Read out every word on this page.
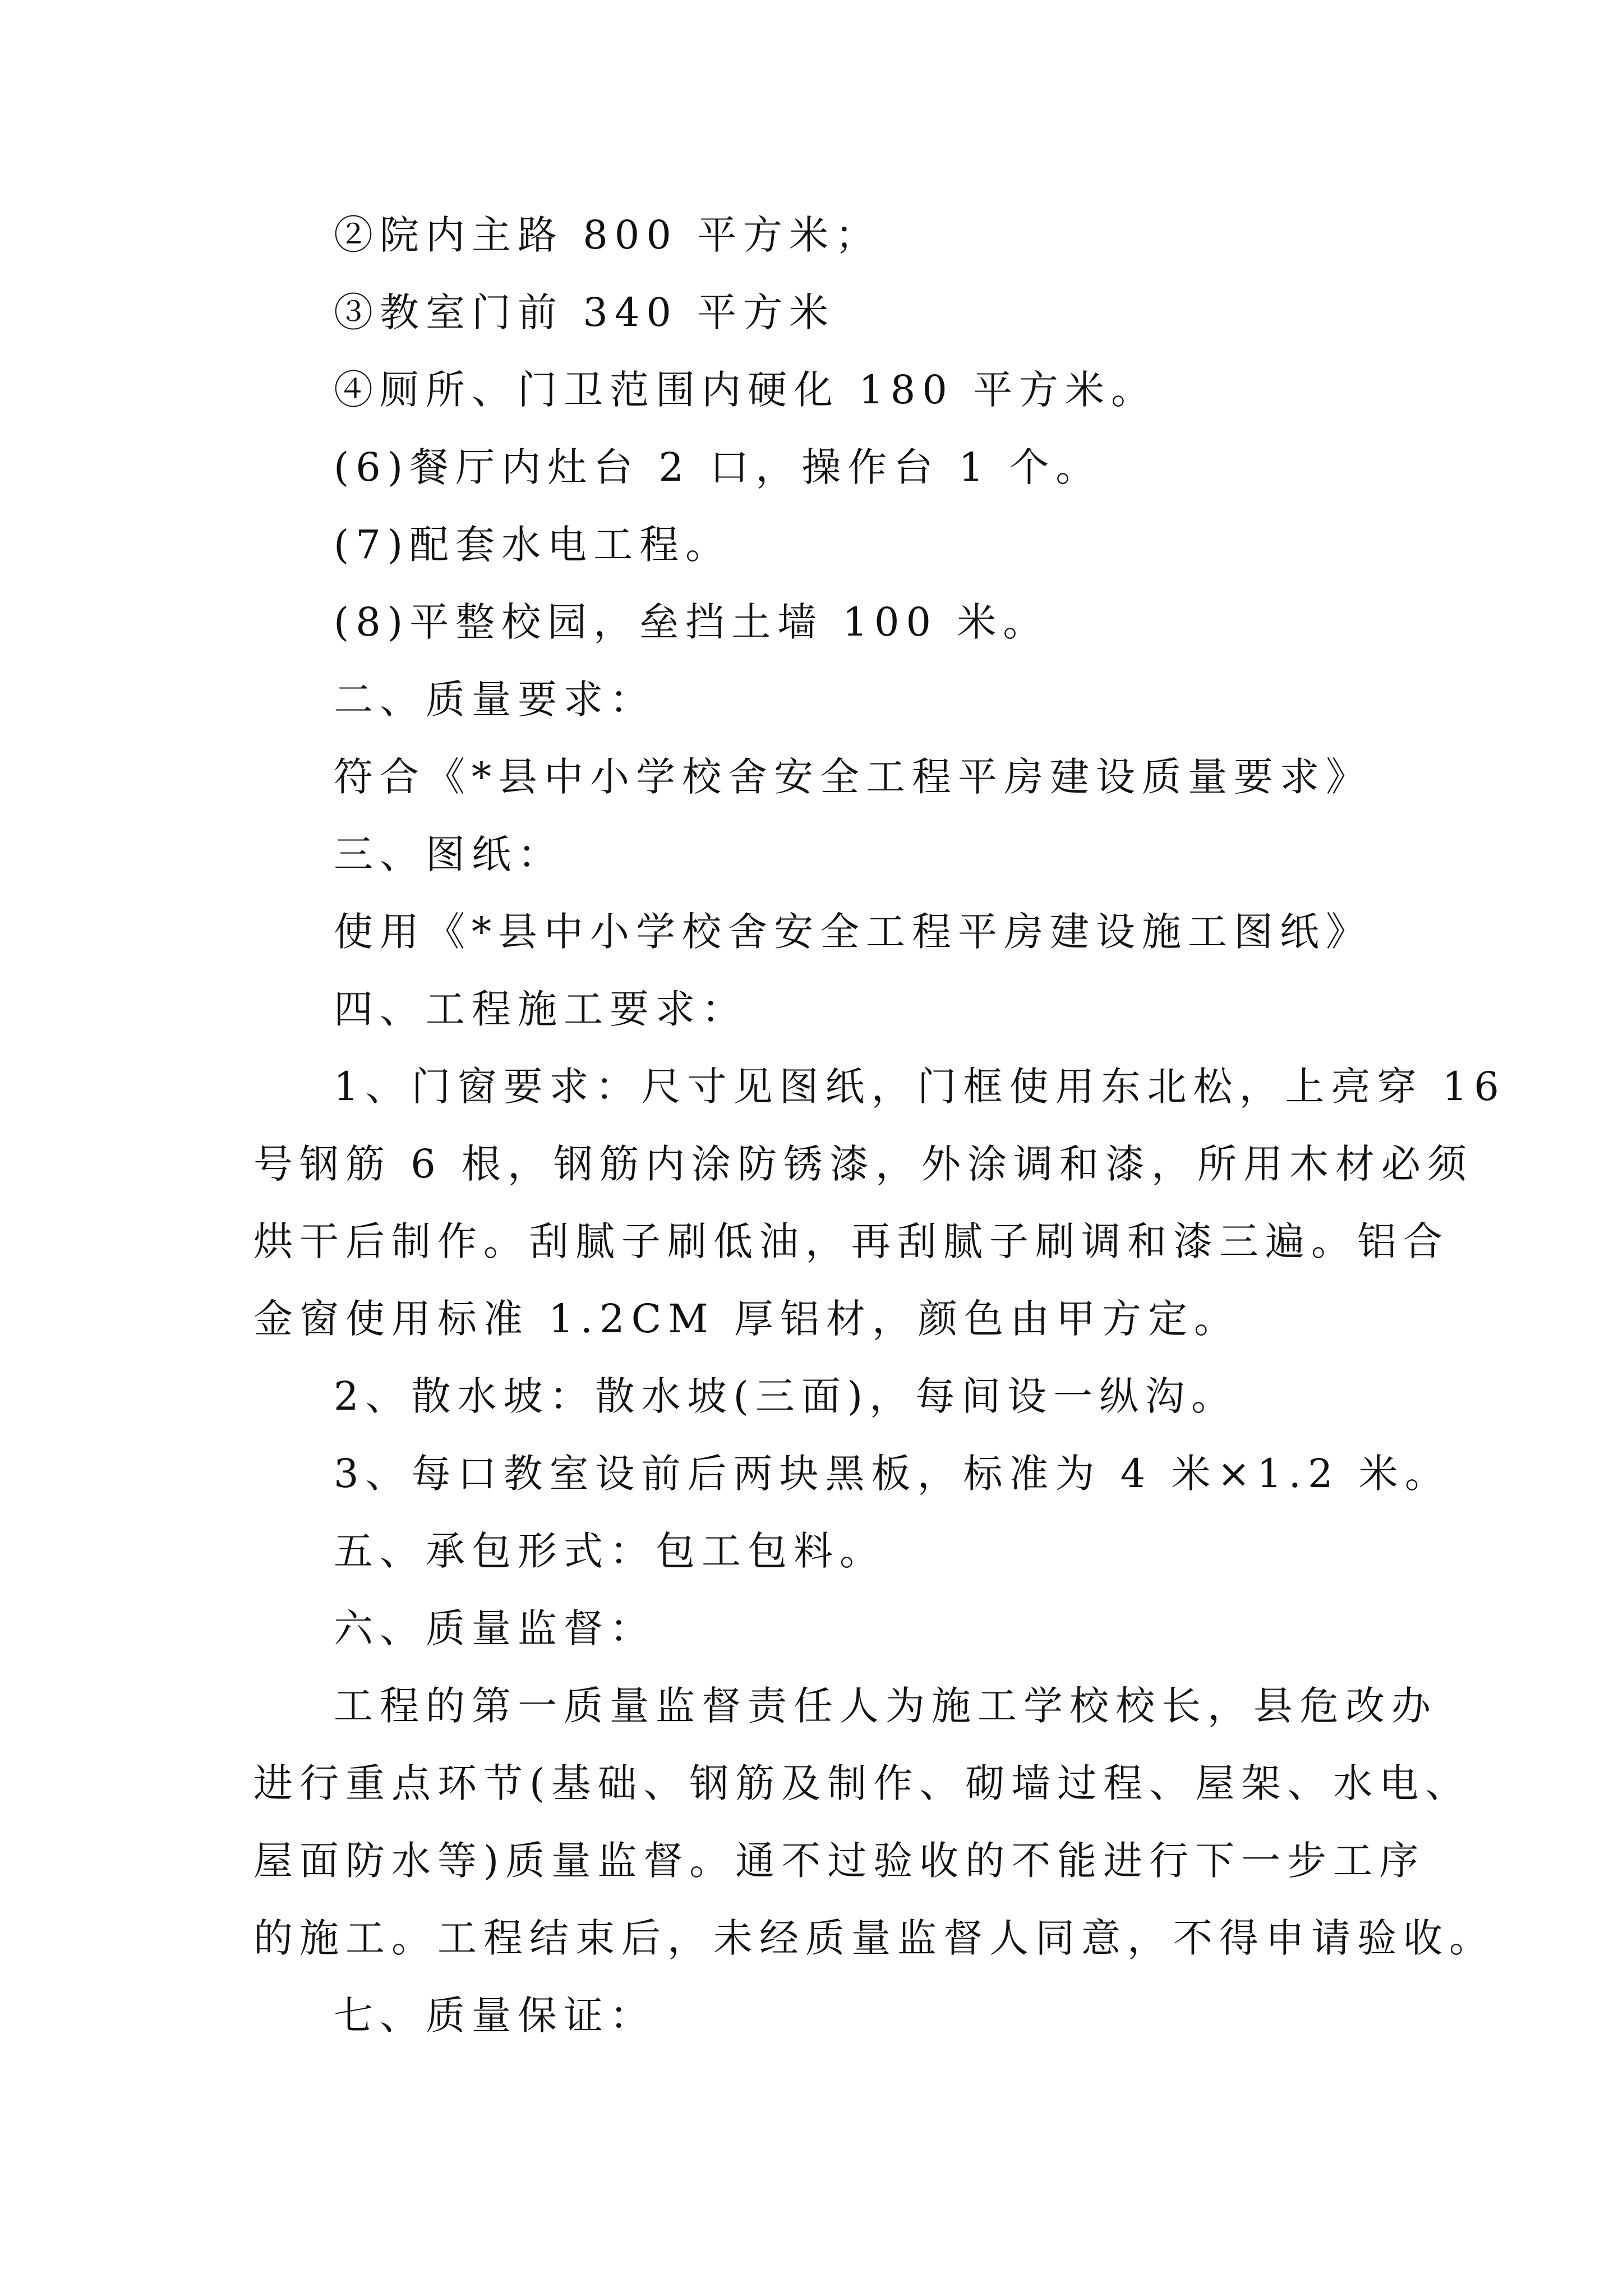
②院内主路 800 平方米；
③教室门前 340 平方米
④厕所、门卫范围内硬化 180 平方米。
(6)餐厅内灶台 2 口，操作台 1 个。
(7)配套水电工程。
(8)平整校园，垒挡土墙 100 米。
二、质量要求：
符合《*县中小学校舍安全工程平房建设质量要求》
三、图纸：
使用《*县中小学校舍安全工程平房建设施工图纸》
四、工程施工要求：
1、门窗要求：尺寸见图纸，门框使用东北松，上亮穿 16
号钢筋 6 根，钢筋内涂防锈漆，外涂调和漆，所用木材必须
烘干后制作。刮腻子刷低油，再刮腻子刷调和漆三遍。铝合
金窗使用标准 1.2CM 厚铝材，颜色由甲方定。
2、散水坡：散水坡(三面)，每间设一纵沟。
3、每口教室设前后两块黑板，标准为 4 米×1.2 米。
五、承包形式：包工包料。
六、质量监督：
工程的第一质量监督责任人为施工学校校长，县危改办
进行重点环节(基础、钢筋及制作、砌墙过程、屋架、水电、
屋面防水等)质量监督。通不过验收的不能进行下一步工序
的施工。工程结束后，未经质量监督人同意，不得申请验收。
七、质量保证：
